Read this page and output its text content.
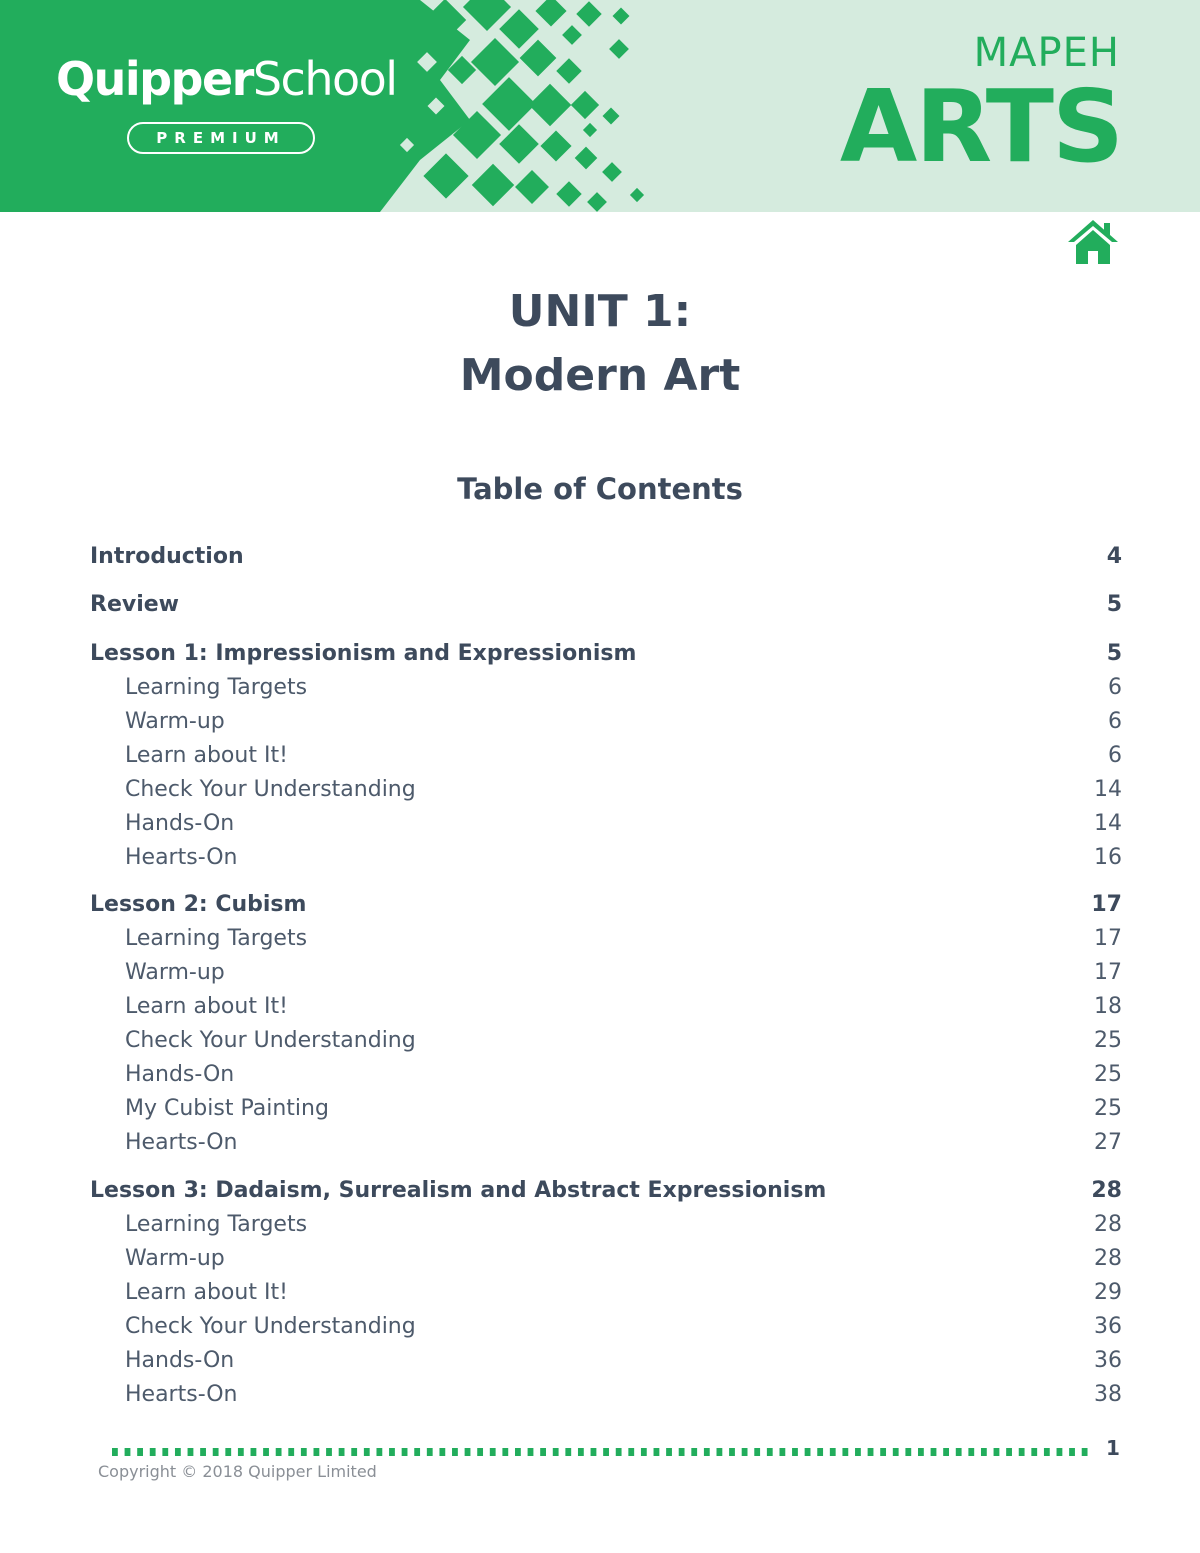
QuipperSchool
PREMIUM
MAPEH
ARTS
UNIT 1:
Modern Art
Table of Contents
Introduction	4
Review	5
Lesson 1: Impressionism and Expressionism	5
Learning Targets	6
Warm-up	6
Learn about It!	6
Check Your Understanding	14
Hands-On	14
Hearts-On	16
Lesson 2: Cubism	17
Learning Targets	17
Warm-up	17
Learn about It!	18
Check Your Understanding	25
Hands-On	25
My Cubist Painting	25
Hearts-On	27
Lesson 3: Dadaism, Surrealism and Abstract Expressionism	28
Learning Targets	28
Warm-up	28
Learn about It!	29
Check Your Understanding	36
Hands-On	36
Hearts-On	38
1
Copyright © 2018 Quipper Limited
